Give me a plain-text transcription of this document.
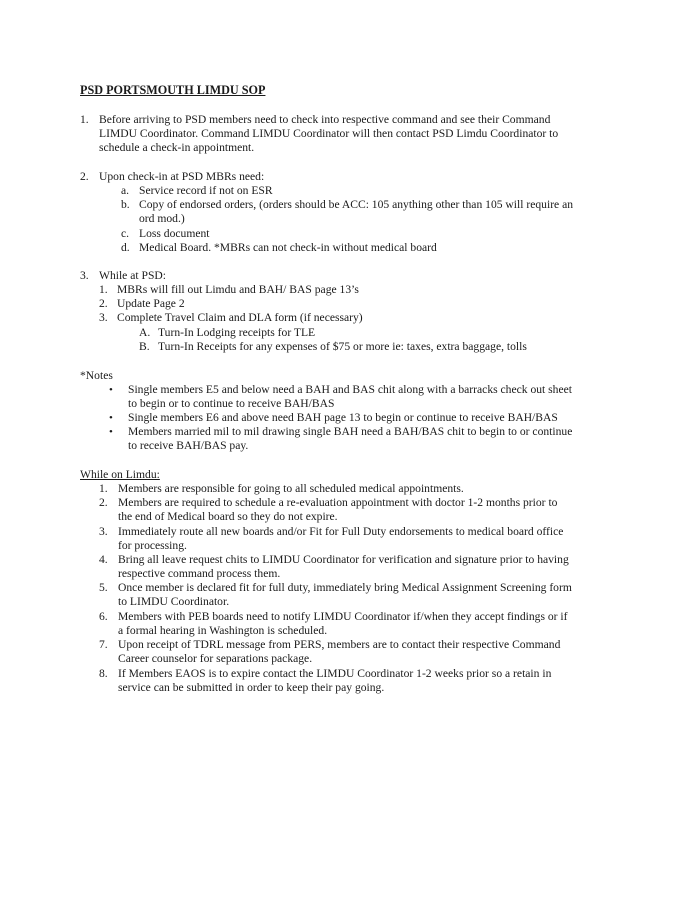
PSD PORTSMOUTH LIMDU SOP
1. Before arriving to PSD members need to check into respective command and see their Command
LIMDU Coordinator. Command LIMDU Coordinator will then contact PSD Limdu Coordinator to
schedule a check-in appointment.
2. Upon check-in at PSD MBRs need:
a. Service record if not on ESR
b. Copy of endorsed orders, (orders should be ACC: 105 anything other than 105 will require an
ord mod.)
c. Loss document
d. Medical Board. *MBRs can not check-in without medical board
3. While at PSD:
1. MBRs will fill out Limdu and BAH/ BAS page 13’s
2. Update Page 2
3. Complete Travel Claim and DLA form (if necessary)
A. Turn-In Lodging receipts for TLE
B. Turn-In Receipts for any expenses of $75 or more ie: taxes, extra baggage, tolls
*Notes
• Single members E5 and below need a BAH and BAS chit along with a barracks check out sheet
to begin or to continue to receive BAH/BAS
• Single members E6 and above need BAH page 13 to begin or continue to receive BAH/BAS
• Members married mil to mil drawing single BAH need a BAH/BAS chit to begin to or continue
to receive BAH/BAS pay.
While on Limdu:
1. Members are responsible for going to all scheduled medical appointments.
2. Members are required to schedule a re-evaluation appointment with doctor 1-2 months prior to
the end of Medical board so they do not expire.
3. Immediately route all new boards and/or Fit for Full Duty endorsements to medical board office
for processing.
4. Bring all leave request chits to LIMDU Coordinator for verification and signature prior to having
respective command process them.
5. Once member is declared fit for full duty, immediately bring Medical Assignment Screening form
to LIMDU Coordinator.
6. Members with PEB boards need to notify LIMDU Coordinator if/when they accept findings or if
a formal hearing in Washington is scheduled.
7. Upon receipt of TDRL message from PERS, members are to contact their respective Command
Career counselor for separations package.
8. If Members EAOS is to expire contact the LIMDU Coordinator 1-2 weeks prior so a retain in
service can be submitted in order to keep their pay going.
